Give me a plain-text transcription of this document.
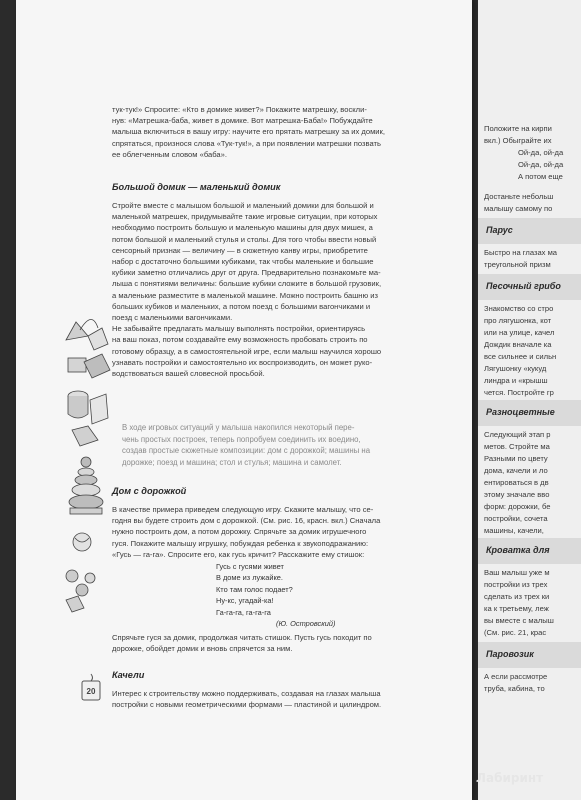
тук-тук!» Спросите: «Кто в домике живет?» Покажите матрешку, воскли-
нув: «Матрешка-баба, живет в домике. Вот матрешка-Баба!» Побуждайте
малыша включиться в вашу игру: научите его прятать матрешку за их домик,
спрятаться, произнося слова «Тук-тук!», а при появлении матрешки позвать
ее облегченным словом «баба».
Большой домик — маленький домик
Стройте вместе с малышом большой и маленький домики для большой и
маленькой матрешек, придумывайте такие игровые ситуации, при которых
необходимо построить большую и маленькую машины для двух мишек, а
потом большой и маленький стулья и столы. Для того чтобы ввести новый
сенсорный признак — величину — в сюжетную канву игры, приобретите
набор с достаточно большими кубиками, так чтобы маленькие и большие
кубики заметно отличались друг от друга. Предварительно познакомьте ма-
лыша с понятиями величины: большие кубики сложите в большой грузовик,
а маленькие разместите в маленькой машине. Можно построить башню из
больших кубиков и маленьких, а потом поезд с большими вагончиками и
поезд с маленькими вагончиками.
Не забывайте предлагать малышу выполнять постройки, ориентируясь
на ваш показ, потом создавайте ему возможность пробовать строить по
готовому образцу, а в самостоятельной игре, если малыш научился хорошо
узнавать постройки и самостоятельно их воспроизводить, он может руко-
водствоваться вашей словесной просьбой.
В ходе игровых ситуаций у малыша накопился некоторый пере-
чень простых построек, теперь попробуем соединить их воедино,
создав простые сюжетные композиции: дом с дорожкой; машины на
дорожке; поезд и машина; стол и стулья; машина и самолет.
Дом с дорожкой
В качестве примера приведем следующую игру. Скажите малышу, что се-
годня вы будете строить дом с дорожкой. (См. рис. 16, красн. вкл.) Сначала
нужно построить дом, а потом дорожку. Спрячьте за домик игрушечного
гуся. Покажите малышу игрушку, побуждая ребенка к звукоподражанию:
«Гусь — га-га». Спросите его, как гусь кричит? Расскажите ему стишок:
Гусь с гусями живет
В доме из лужайке.
Кто там голос подает?
Ну-кс, угадай-ка!
Га-га-га, га-га-га
(Ю. Островский)
Спрячьте гуся за домик, продолжая читать стишок. Пусть гусь походит по
дорожке, обойдет домик и вновь спрячется за ним.
Качели
Интерес к строительству можно поддерживать, создавая на глазах малыша
постройки с новыми геометрическими формами — пластиной и цилиндром.
20
Положите на кирпи
вкл.) Обыграйте их
Ой-да, ой-да
Ой-да, ой-да
А потом еще
Достаньте небольш
малышу самому по
Парус
Быстро на глазах ма
треугольной призм
Песочный грибо
Знакомство со стро
про лягушонка, кот
или на улице, качел
Дождик вначале ка
все сильнее и сильн
Лягушонку «кукуд
линдра и «крышш
чется. Постройте гр
Разноцветные
Следующий этап р
метов. Стройте ма
Разными по цвету
дома, качели и ло
ентироваться в дв
этому значале вво
форм: дорожки, бе
постройки, сочета
машины, качели,
Кроватка для
Ваш малыш уже м
постройки из трех
сделать из трех ки
ка к третьему, леж
вы вместе с малыш
(См. рис. 21, крас
Паровозик
А если рассмотре
труба, кабина, то
Лабиринт
